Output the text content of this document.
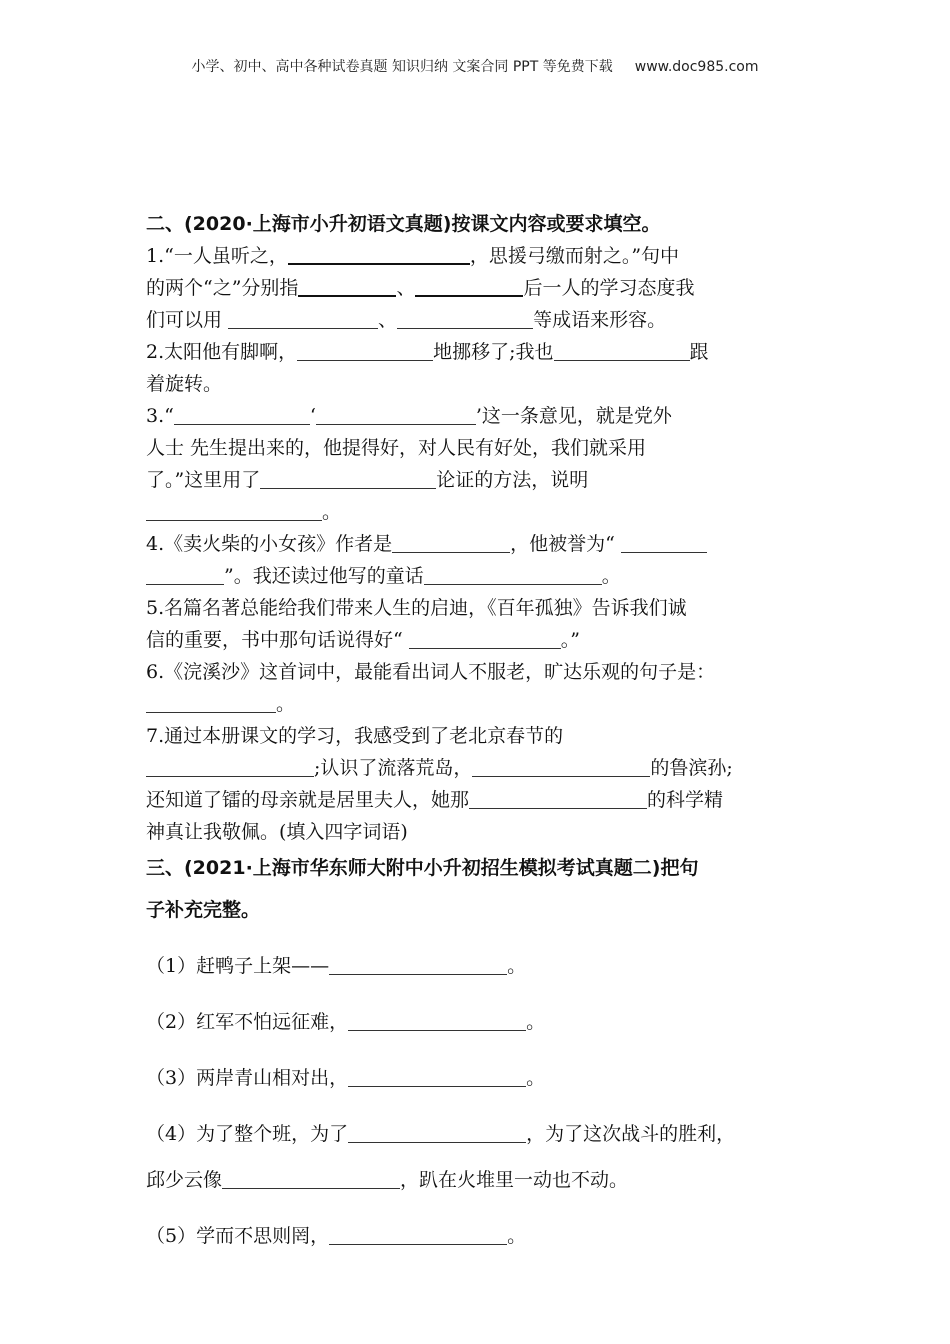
小学、初中、高中各种试卷真题 知识归纳 文案合同 PPT 等免费下载 www.doc985.com
二、(2020·上海市小升初语文真题)按课文内容或要求填空。
1.“一人虽听之，	，思援弓缴而射之。”句中
的两个“之”分别指	、	后一人的学习态度我
们可以用	、	等成语来形容。
2.太阳他有脚啊，	地挪移了;我也	跟
着旋转。
3.“	‘	’这一条意见，就是党外
人士 先生提出来的，他提得好，对人民有好处，我们就采用
了。”这里用了	论证的方法，说明
。
4.《卖火柴的小女孩》作者是	，他被誉为“
”。我还读过他写的童话	。
5.名篇名著总能给我们带来人生的启迪，《百年孤独》告诉我们诚
信的重要，书中那句话说得好“	。”
6.《浣溪沙》这首词中，最能看出词人不服老，旷达乐观的句子是：
。
7.通过本册课文的学习，我感受到了老北京春节的
;认识了流落荒岛，	的鲁滨孙;
还知道了镭的母亲就是居里夫人，她那	的科学精
神真让我敬佩。(填入四字词语)
三、(2021·上海市华东师大附中小升初招生模拟考试真题二)把句
子补充完整。
（1）赶鸭子上架——	。
（2）红军不怕远征难，	。
（3）两岸青山相对出，	。
（4）为了整个班，为了	，为了这次战斗的胜利，
邱少云像	，趴在火堆里一动也不动。
（5）学而不思则罔，	。
